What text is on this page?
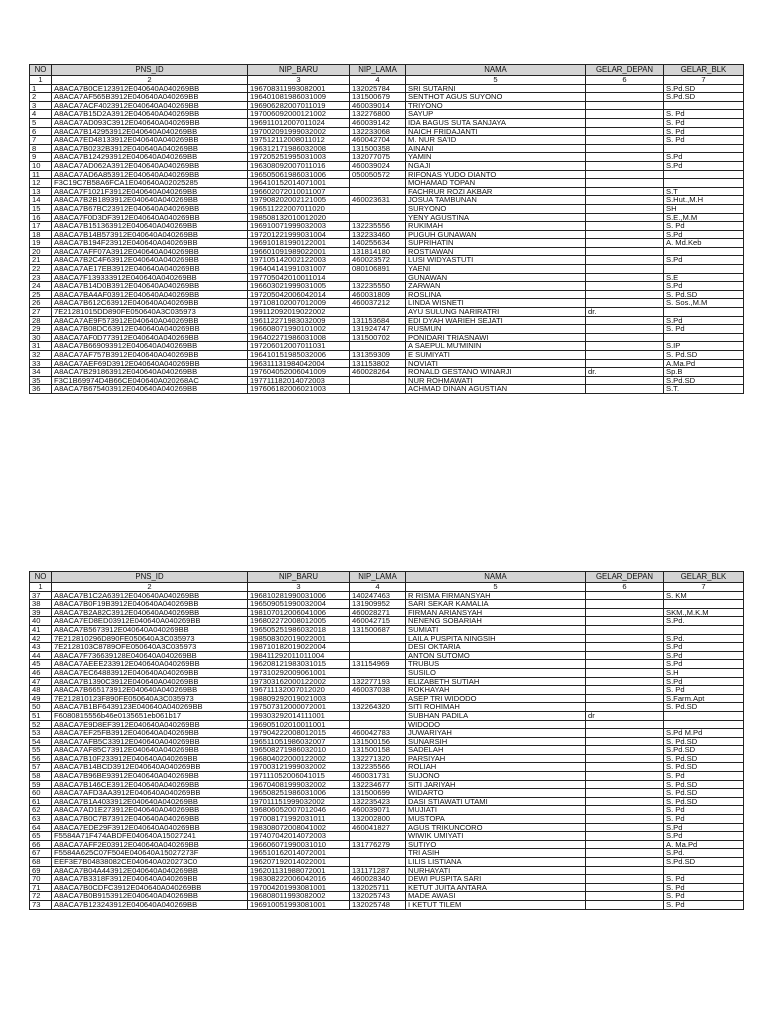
NO	PNS_ID	NIP_BARU	NIP_LAMA	NAMA	GELAR_DEPAN	GELAR_BLK
1	2	3	4	5	6	7
1	A8ACA7B0CE123912E040640A040269BB	196708311993082001	132025784	SRI SUTARNI		S.Pd.SD
2	A8ACA7AF565B3912E040640A040269BB	196401081986031009	131500679	SENTHOT AGUS SUYONO		S.Pd.SD
3	A8ACA7ACF4023912E040640A040269BB	196906282007011019	460039014	TRIYONO		
4	A8ACA7B15D2A3912E040640A040269BB	197006092000121002	132276800	SAYUP		S. Pd
5	A8ACA7AD093C3912E040640A040269BB	196911012007011024	460039142	IDA BAGUS SUTA SANJAYA		S. Pd
6	A8ACA7B142953912E040640A040269BB	197002091999032002	132233068	NAICH FRIDAJANTI		S. Pd
7	A8ACA7ED48133912E040640A040269BB	197512112008011012	460042704	M. NUR SA'ID		S. Pd
8	A8ACA7B0232B3912E040640A040269BB	196312171986032008	131500358	AINANI		
9	A8ACA7B124293912E040640A040269BB	197205251995031003	132077075	YAMIN		S.Pd
10	A8ACA7AD062A3912E040640A040269BB	196308092007011016	460039024	NGAJI		S.Pd
11	A8ACA7AD6A853912E040640A040269BB	196505061986031006	050050572	RIFONAS YUDO DIANTO		
12	F3C19C7B58A6FCA1E040640A02025285	196410152014071001		MOHAMAD TOPAN		
13	A8ACA7F1021F3912E040640A040269BB	196602072010011007		FACHRUR ROZI AKBAR		S.T
14	A8ACA7B2B1893912E040640A040269BB	197908202002121005	460023631	JOSUA TAMBUNAN		S.Hut.,M.H
15	A8ACA7B67BC23912E040640A040269BB	196511222007011020		SURYONO		SH
16	A8ACA7F0D3DF3912E040640A040269BB	198508132010012020		YENY AGUSTINA		S.E.,M.M
17	A8ACA7B151363912E040640A040269BB	196910071999032003	132235556	RUKIMAH		S. Pd
18	A8ACA7B14B573912E040640A040269BB	197201221999031004	132233460	PUGUH GUNAWAN		S.Pd
19	A8ACA7B194F23912E040640A040269BB	196910181990122001	140255634	SUPRIHATIN		A. Md.Keb
20	A8ACA7AFF07A3912E040640A040269BB	196601091989022001	131814180	ROSTIAWAN		
21	A8ACA7B2C4F63912E040640A040269BB	197105142002122003	460023572	LUSI WIDYASTUTI		S.Pd
22	A8ACA7AE17EB3912E040640A040269BB	196404141991031007	080106891	YAENI		
23	A8ACA7F139333912E040640A040269BB	197705042010011014		GUNAWAN		S.E
24	A8ACA7B14D0B3912E040640A040269BB	196603021999031005	132235550	ZARWAN		S.Pd
25	A8ACA7BA4AF03912E040640A040269BB	197205042006042014	460031809	ROSLINA		S. Pd.SD
26	A8ACA7B612C63912E040640A040269BB	197108102007012009	460037212	LINDA WISNETI		S. Sos.,M.M
27	7E21281015DD890FE050640A3C035973	199112092019022002		AYU SULUNG NARIRATRI	dr.	
28	A8ACA7AE9F573912E040640A040269BB	196112271983032009	131153684	EDI DYAH WARIEH SEJATI		S.Pd
29	A8ACA7B08DC63912E040640A040269BB	196608071990101002	131924747	RUSMUN		S. Pd
30	A8ACA7AF0D773912E040640A040269BB	196402271986031008	131500702	PONIDARI TRIASNAWI		
31	A8ACA7B669093912E040640A040269BB	197206012007011031		A SAEPUL MU'MININ		S.IP
32	A8ACA7AF757B3912E040640A040269BB	196410151985032006	131359309	E SUMIYATI		S. Pd.SD
33	A8ACA7AEF69D3912E040640A040269BB	196311131984042004	131153802	NOVIATI		A.Ma.Pd
34	A8ACA7B291863912E040640A040269BB	197604052006041009	460028264	RONALD GESTANO WINARJI	dr.	Sp.B
35	F3C1B69974D4B66CE040640A020268AC	197711182014072003		NUR ROHMAWATI		S.Pd.SD
36	A8ACA7B675403912E040640A040269BB	197606182006021003		ACHMAD DINAN AGUSTIAN		S.T.
NO	PNS_ID	NIP_BARU	NIP_LAMA	NAMA	GELAR_DEPAN	GELAR_BLK
1	2	3	4	5	6	7
37	A8ACA7B1C2A63912E040640A040269BB	196810281990031006	140247463	R RISMA FIRMANSYAH		S. KM
38	A8ACA7B0F19B3912E040640A040269BB	196509051990032004	131909952	SARI SEKAR KAMALIA		
39	A8ACA7B2A82C3912E040640A040269BB	198107012006041006	460028271	FIRMAN ARIANSYAH		SKM.,M.K.M
40	A8ACA7ED8ED03912E040640A040269BB	196802272008012005	460042715	NENENG SOBARIAH		S.Pd.
41	A8ACA7B5673912E040640A040269BB	196505251986032018	131500687	SUMIATI		
42	7E212810296D890FE050640A3C035973	198508302019022001		LAILA PUSPITA NINGSIH		S.Pd.
43	7E2128103C8789OFE050640A3C035973	198710182019022004		DESI OKTARIA		S.Pd
44	A8ACA7F736639128E040640A040269BB	198411292011011004		ANTON SUTOMO		S.Pd
45	A8ACA7AEEE233912E040640A040269BB	196208121983031015	131154969	TRUBUS		S.Pd
46	A8ACA7EC64883912E040640A040269BB	197310292009061001		SUSILO		S.H
47	A8ACA7B1390C3912E040640A040269BB	197303162000122002	132277193	ELIZABETH SUTIAH		S.Pd
48	A8ACA7B665173912E040640A040269BB	196711132007012020	460037038	ROKHAYAH		S. Pd
49	7E212810123F890FE050640A3C035973	198809292019021003		ASEP TRI WIDODO		S.Farm.Apt
50	A8ACA7B1BF6439123E040640A040269BB	197507312000072001	132264320	SITI ROHIMAH		S. Pd.SD
51	F6080815556b46e0135651eb061b17	199303292014111001		SUBHAN PADILA	dr	
52	A8ACA7E9D8EF3912E040640A040269BB	196905102010011001		WIDODO		
53	A8ACA7EF25FB3912E040640A040269BB	197904222008012015	460042783	JUWARIYAH		S.Pd M.Pd
54	A8ACA7AFB5C33912E040640A040269BB	196511051986032007	131500156	SUNARSIH		S. Pd.SD
55	A8ACA7AF85C73912E040640A040269BB	196508271986032010	131500158	SADELAH		S.Pd.SD
56	A8ACA7B10F233912E040640A040269BB	196804022000122002	132271320	PARSIYAH		S. Pd.SD
57	A8ACA7B14BCD3912E040640A040269BB	197003121999032002	132235566	ROLIAH		S. Pd.SD
58	A8ACA7B96BE93912E040640A040269BB	197111052006041015	460031731	SUJONO		S. Pd
59	A8ACA7B146CE3912E040640A040269BB	196704081999032002	132234677	SITI JARIYAH		S. Pd.SD
60	A8ACA7AFD3AA3912E040640A040269BB	196508251986031006	131500699	WIDARTO		S. Pd.SD
61	A8ACA7B1A4033912E040640A040269BB	197011151999032002	132235423	DASI STIAWATI UTAMI		S. Pd.SD
62	A8ACA7AD1E273912E040640A040269BB	196806052007012046	460039071	MUJIATI		S. Pd
63	A8ACA7B0C7B73912E040640A040269BB	197008171992031011	132002800	MUSTOPA		S. Pd
64	A8ACA7EDE29F3912E040640A040269BB	198308072008041002	460041827	AGUS TRIKUNCORO		S.Pd
65	F5584A71F474ABDFE040640A15027241	197407042014072003		WIWIK UMIYATI		S.Pd
66	A8ACA7AFF2E03912E040640A040269BB	196606071990031010	131776279	SUTIYO		A. Ma.Pd
67	F5584A625C07F504E040640A15027273F	196510162014072001		TRI ASIH		S.Pd.
68	EEF3E7B04838082CE040640A020273C0	196207192014022001		LILIS LISTIANA		S.Pd.SD
69	A8ACA7B04A443912E040640A040269BB	196201131988072001	131171287	NURHAYATI		
70	A8ACA7B3318F3912E040640A040269BB	198308222006042016	460028340	DEWI PUSPITA SARI		S. Pd
71	A8ACA7B0CDFC3912E040640A040269BB	197004201993081001	132025711	KETUT JUITA ANTARA		S. Pd
72	A8ACA7B0B9153912E040640A040269BB	196808011993082002	132025743	MADE AWASI		S. Pd
73	A8ACA7B123243912E040640A040269BB	196910051993081001	132025748	I KETUT TILEM		S. Pd
